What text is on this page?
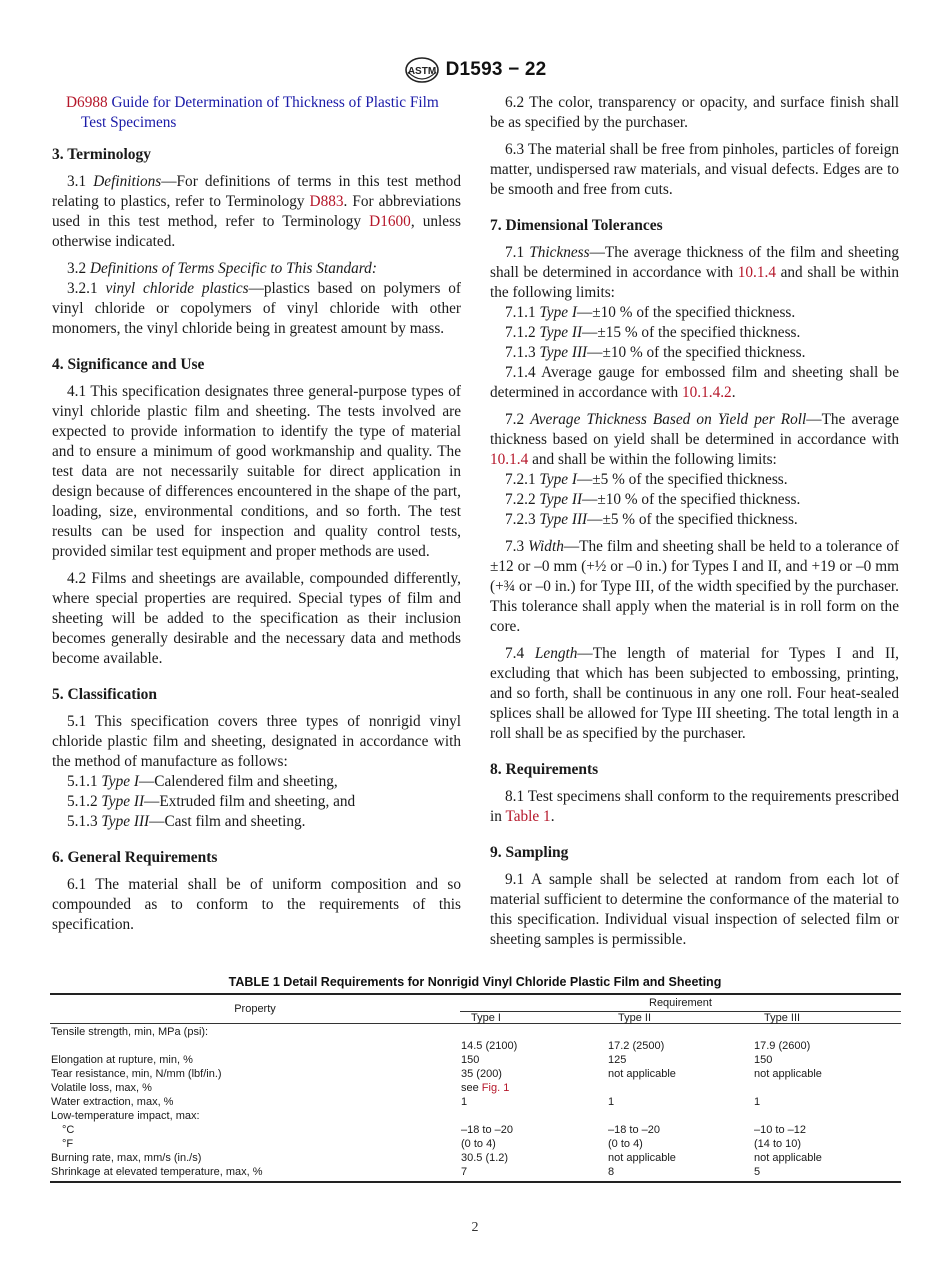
ASTM D1593 − 22

D6988 Guide for Determination of Thickness of Plastic Film Test Specimens

3. Terminology

3.1 Definitions—For definitions of terms in this test method relating to plastics, refer to Terminology D883. For abbreviations used in this test method, refer to Terminology D1600, unless otherwise indicated.

3.2 Definitions of Terms Specific to This Standard:

3.2.1 vinyl chloride plastics—plastics based on polymers of vinyl chloride or copolymers of vinyl chloride with other monomers, the vinyl chloride being in greatest amount by mass.

4. Significance and Use

4.1 This specification designates three general-purpose types of vinyl chloride plastic film and sheeting. The tests involved are expected to provide information to identify the type of material and to ensure a minimum of good workmanship and quality. The test data are not necessarily suitable for direct application in design because of differences encountered in the shape of the part, loading, size, environmental conditions, and so forth. The test results can be used for inspection and quality control tests, provided similar test equipment and proper methods are used.

4.2 Films and sheetings are available, compounded differently, where special properties are required. Special types of film and sheeting will be added to the specification as their inclusion becomes generally desirable and the necessary data and methods become available.

5. Classification

5.1 This specification covers three types of nonrigid vinyl chloride plastic film and sheeting, designated in accordance with the method of manufacture as follows:

5.1.1 Type I—Calendered film and sheeting,

5.1.2 Type II—Extruded film and sheeting, and

5.1.3 Type III—Cast film and sheeting.

6. General Requirements

6.1 The material shall be of uniform composition and so compounded as to conform to the requirements of this specification.

6.2 The color, transparency or opacity, and surface finish shall be as specified by the purchaser.

6.3 The material shall be free from pinholes, particles of foreign matter, undispersed raw materials, and visual defects. Edges are to be smooth and free from cuts.

7. Dimensional Tolerances

7.1 Thickness—The average thickness of the film and sheeting shall be determined in accordance with 10.1.4 and shall be within the following limits:

7.1.1 Type I—±10 % of the specified thickness.

7.1.2 Type II—±15 % of the specified thickness.

7.1.3 Type III—±10 % of the specified thickness.

7.1.4 Average gauge for embossed film and sheeting shall be determined in accordance with 10.1.4.2.

7.2 Average Thickness Based on Yield per Roll—The average thickness based on yield shall be determined in accordance with 10.1.4 and shall be within the following limits:

7.2.1 Type I—±5 % of the specified thickness.

7.2.2 Type II—±10 % of the specified thickness.

7.2.3 Type III—±5 % of the specified thickness.

7.3 Width—The film and sheeting shall be held to a tolerance of ±12 or –0 mm (+½ or –0 in.) for Types I and II, and +19 or –0 mm (+¾ or –0 in.) for Type III, of the width specified by the purchaser. This tolerance shall apply when the material is in roll form on the core.

7.4 Length—The length of material for Types I and II, excluding that which has been subjected to embossing, printing, and so forth, shall be continuous in any one roll. Four heat-sealed splices shall be allowed for Type III sheeting. The total length in a roll shall be as specified by the purchaser.

8. Requirements

8.1 Test specimens shall conform to the requirements prescribed in Table 1.

9. Sampling

9.1 A sample shall be selected at random from each lot of material sufficient to determine the conformance of the material to this specification. Individual visual inspection of selected film or sheeting samples is permissible.

TABLE 1 Detail Requirements for Nonrigid Vinyl Chloride Plastic Film and Sheeting
Property	Requirement
Type I	Type II	Type III
Tensile strength, min, MPa (psi):
14.5 (2100)	17.2 (2500)	17.9 (2600)
Elongation at rupture, min, %	150	125	150
Tear resistance, min, N/mm (lbf/in.)	35 (200)	not applicable	not applicable
Volatile loss, max, %	see Fig. 1
Water extraction, max, %	1	1	1
Low-temperature impact, max:
°C	–18 to –20	–18 to –20	–10 to –12
°F	(0 to 4)	(0 to 4)	(14 to 10)
Burning rate, max, mm/s (in./s)	30.5 (1.2)	not applicable	not applicable
Shrinkage at elevated temperature, max, %	7	8	5
2
